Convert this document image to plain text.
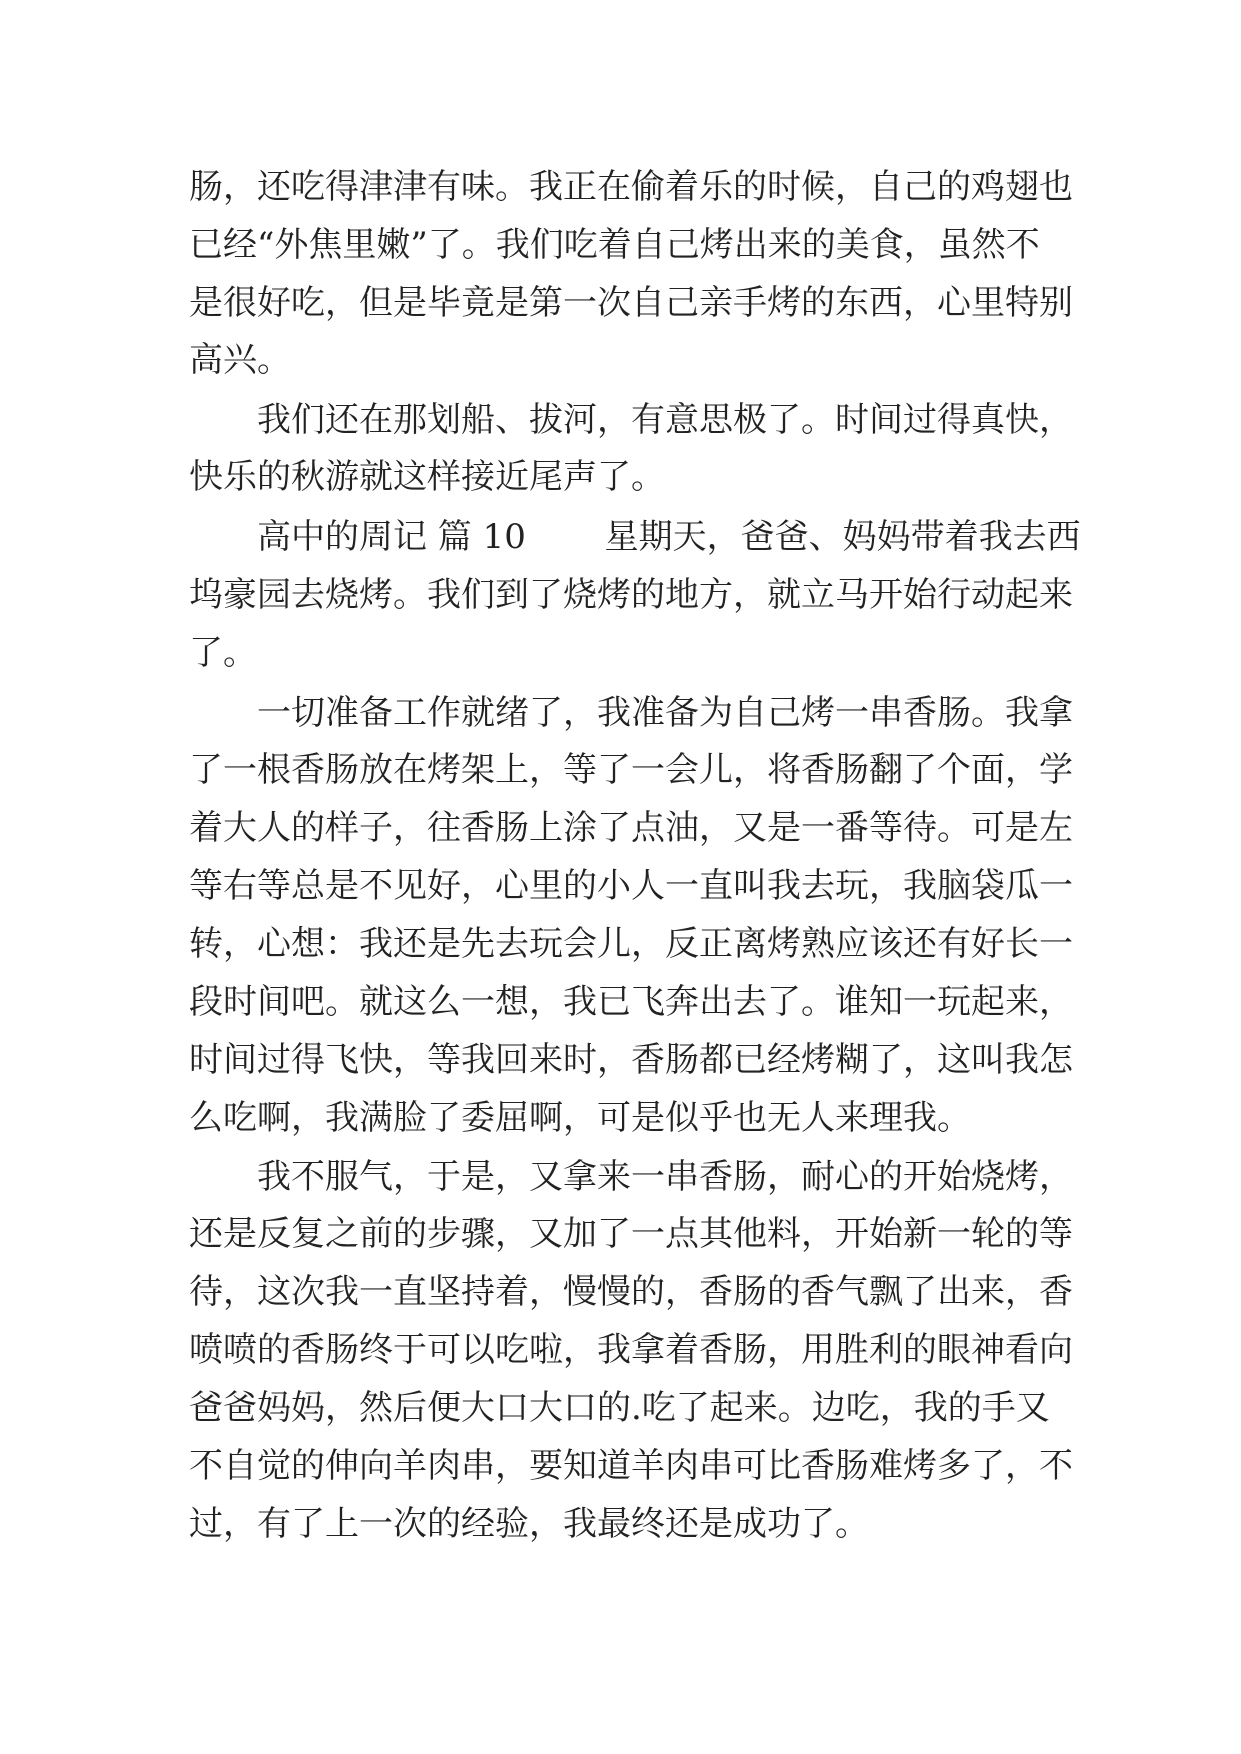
肠，还吃得津津有味。我正在偷着乐的时候，自己的鸡翅也
已经“外焦里嫩”了。我们吃着自己烤出来的美食，虽然不
是很好吃，但是毕竟是第一次自己亲手烤的东西，心里特别
高兴。
　　我们还在那划船、拔河，有意思极了。时间过得真快，
快乐的秋游就这样接近尾声了。
　　高中的周记 篇 10　　 星期天，爸爸、妈妈带着我去西
坞豪园去烧烤。我们到了烧烤的地方，就立马开始行动起来
了。
　　一切准备工作就绪了，我准备为自己烤一串香肠。我拿
了一根香肠放在烤架上，等了一会儿，将香肠翻了个面，学
着大人的样子，往香肠上涂了点油，又是一番等待。可是左
等右等总是不见好，心里的小人一直叫我去玩，我脑袋瓜一
转，心想：我还是先去玩会儿，反正离烤熟应该还有好长一
段时间吧。就这么一想，我已飞奔出去了。谁知一玩起来，
时间过得飞快，等我回来时，香肠都已经烤糊了，这叫我怎
么吃啊，我满脸了委屈啊，可是似乎也无人来理我。
　　我不服气，于是，又拿来一串香肠，耐心的开始烧烤，
还是反复之前的步骤，又加了一点其他料，开始新一轮的等
待，这次我一直坚持着，慢慢的，香肠的香气飘了出来，香
喷喷的香肠终于可以吃啦，我拿着香肠，用胜利的眼神看向
爸爸妈妈，然后便大口大口的.吃了起来。边吃，我的手又
不自觉的伸向羊肉串，要知道羊肉串可比香肠难烤多了，不
过，有了上一次的经验，我最终还是成功了。
